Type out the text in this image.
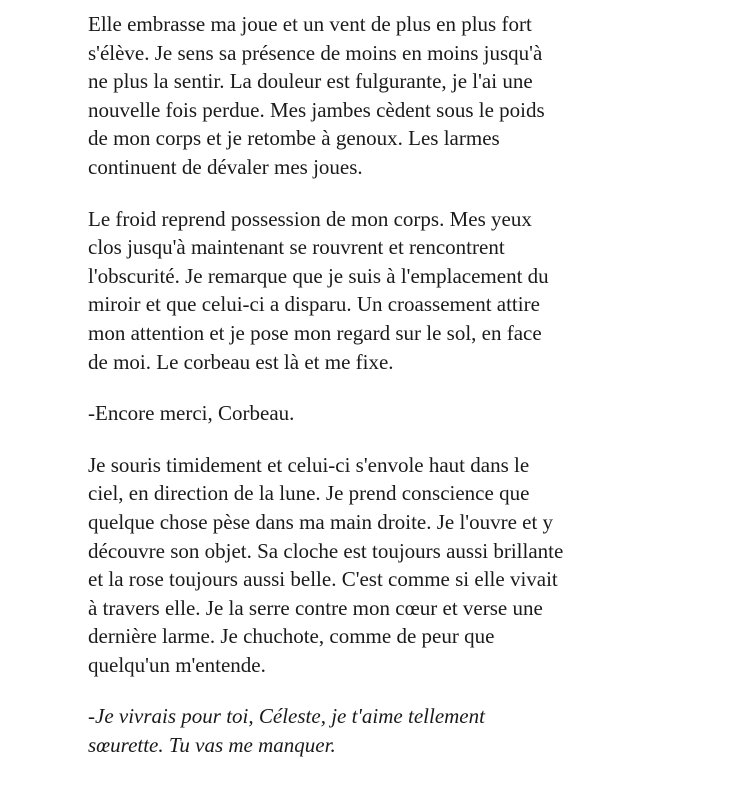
Elle embrasse ma joue et un vent de plus en plus fort
s'élève. Je sens sa présence de moins en moins jusqu'à
ne plus la sentir. La douleur est fulgurante, je l'ai une
nouvelle fois perdue. Mes jambes cèdent sous le poids
de mon corps et je retombe à genoux. Les larmes
continuent de dévaler mes joues.

Le froid reprend possession de mon corps. Mes yeux
clos jusqu'à maintenant se rouvrent et rencontrent
l'obscurité. Je remarque que je suis à l'emplacement du
miroir et que celui-ci a disparu. Un croassement attire
mon attention et je pose mon regard sur le sol, en face
de moi. Le corbeau est là et me fixe.

-Encore merci, Corbeau.

Je souris timidement et celui-ci s'envole haut dans le
ciel, en direction de la lune. Je prend conscience que
quelque chose pèse dans ma main droite. Je l'ouvre et y
découvre son objet. Sa cloche est toujours aussi brillante
et la rose toujours aussi belle. C'est comme si elle vivait
à travers elle. Je la serre contre mon cœur et verse une
dernière larme. Je chuchote, comme de peur que
quelqu'un m'entende.

-Je vivrais pour toi, Céleste, je t'aime tellement
sœurette. Tu vas me manquer.
